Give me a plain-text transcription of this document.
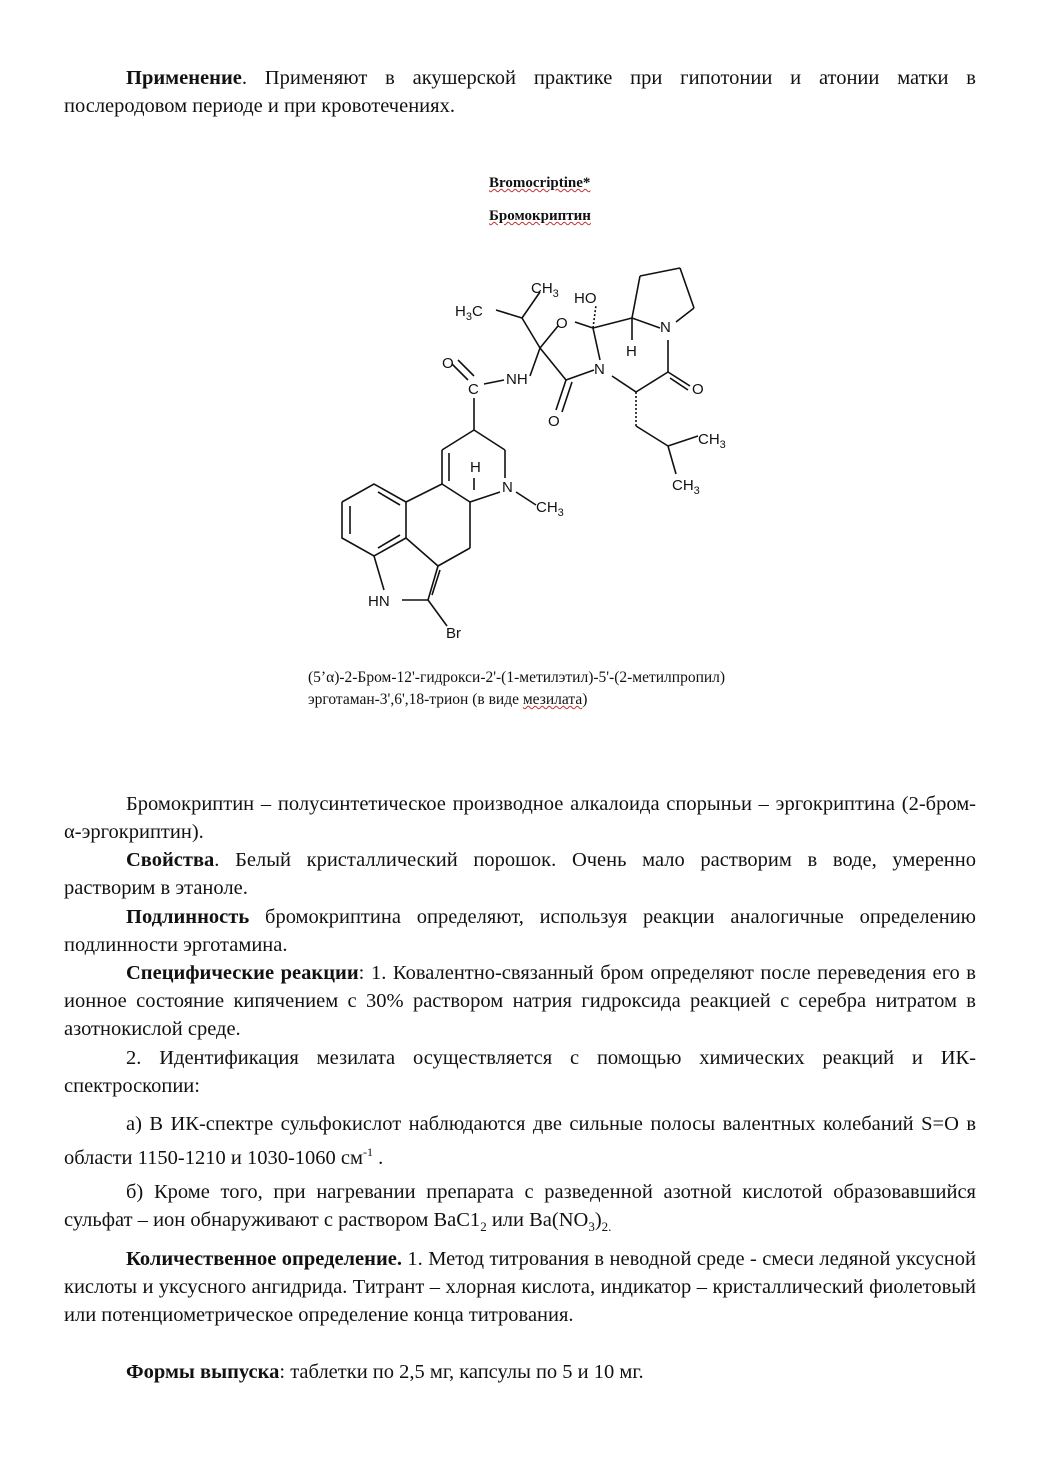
Применение. Применяют в акушерской практике при гипотонии и атонии матки в послеродовом периоде и при кровотечениях.

Bromocriptine*
Бромокриптин
$CH_3$ HO
$H_3C$
O	N
H
O	N
C
NH
O
O
$CH_3$
H
$CH_3$
N
$CH_3$
HN
Br

(5’α)-2-Бром-12'-гидрокси-2'-(1-метилэтил)-5'-(2-метилпропил)

эрготаман-3',6',18-трион (в виде мезилата)

Бромокриптин – полусинтетическое производное алкалоида спорыньи – эргокриптина (2-бром-α-эргокриптин).

Свойства. Белый кристаллический порошок. Очень мало растворим в воде, умеренно растворим в этаноле.

Подлинность бромокриптина определяют, используя реакции аналогичные определению подлинности эрготамина.

Специфические реакции: 1. Ковалентно-связанный бром определяют после переведения его в ионное состояние кипячением с 30% раствором натрия гидроксида реакцией с серебра нитратом в азотнокислой среде.

2. Идентификация мезилата осуществляется с помощью химических реакций и ИК-спектроскопии:

а) В ИК-спектре сульфокислот наблюдаются две сильные полосы валентных колебаний S=O в области 1150-1210 и 1030-1060 $см^{-1}$ .

б) Кроме того, при нагревании препарата с разведенной азотной кислотой образовавшийся сульфат – ион обнаруживают с раствором $BaC1_2$ или $Ba(NO_3)_{2.}$

Количественное определение. 1. Метод титрования в неводной среде - смеси ледяной уксусной кислоты и уксусного ангидрида. Титрант – хлорная кислота, индикатор – кристаллический фиолетовый или потенциометрическое определение конца титрования.

Формы выпуска: таблетки по 2,5 мг, капсулы по 5 и 10 мг.
